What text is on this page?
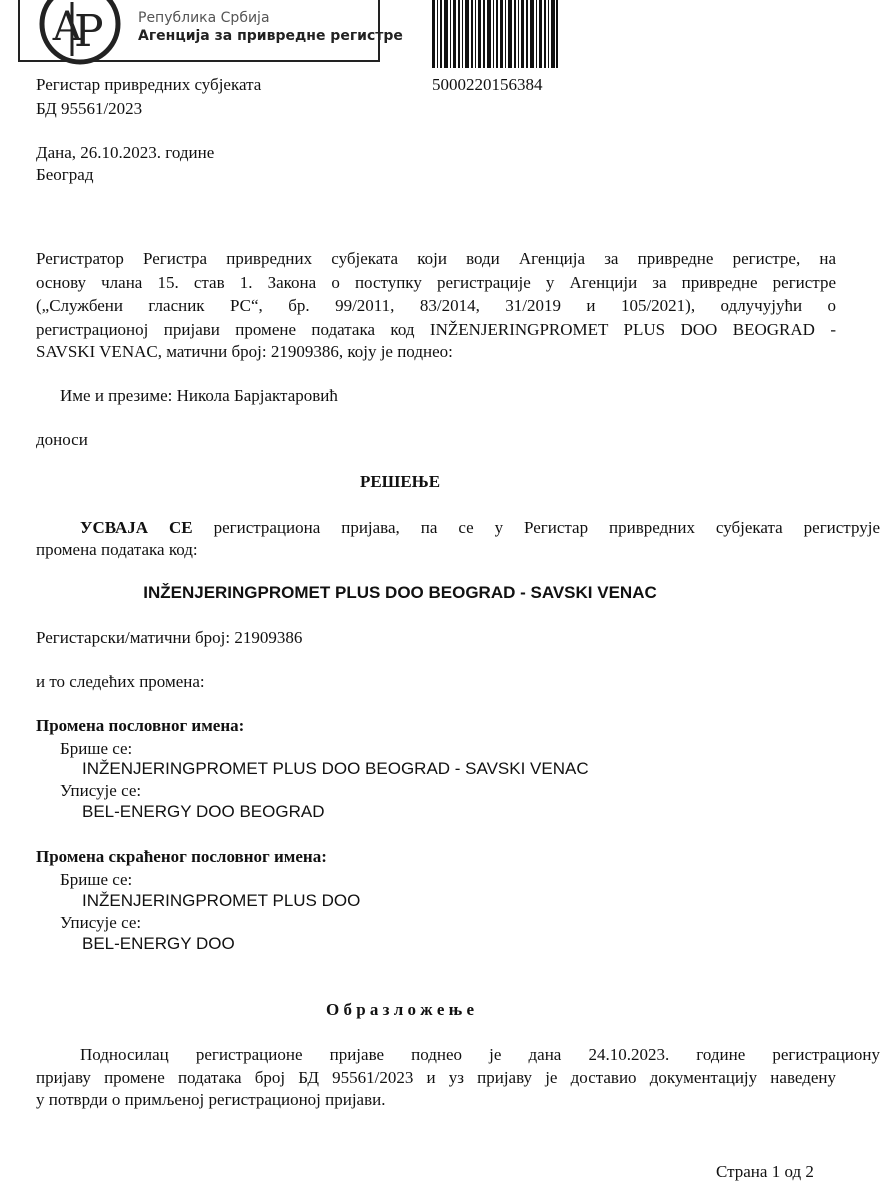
А
Р Република Србија
Агенција за привредне регистре
Регистар привредних субјеката	5000220156384
БД 95561/2023
Дана, 26.10.2023. године
Београд
Регистратор Регистра привредних субјеката који води Агенција за привредне регистре, на
основу члана 15. став 1. Закона о поступку регистрације у Агенцији за привредне регистре
(„Службени гласник РС“, бр. 99/2011, 83/2014, 31/2019 и 105/2021), одлучујући о
регистрационој пријави промене података код INŽENJERINGPROMET PLUS DOO BEOGRAD -
SAVSKI VENAC, матични број: 21909386, коју је поднео:
Име и презиме: Никола Барјактаровић
доноси
РЕШЕЊЕ
УСВАЈА СЕ регистрациона пријава, па се у Регистар привредних субјеката региструје
промена података код:
INŽENJERINGPROMET PLUS DOO BEOGRAD - SAVSKI VENAC
Регистарски/матични број: 21909386
и то следећих промена:
Промена пословног имена:
Брише се:
INŽENJERINGPROMET PLUS DOO BEOGRAD - SAVSKI VENAC
Уписује се:
BEL-ENERGY DOO BEOGRAD
Промена скраћеног пословног имена:
Брише се:
INŽENJERINGPROMET PLUS DOO
Уписује се:
BEL-ENERGY DOO
О б р а з л о ж е њ е
Подносилац регистрационе пријаве поднео је дана 24.10.2023. године регистрациону
пријаву промене података број БД 95561/2023 и уз пријаву је доставио документацију наведену
у потврди о примљеној регистрационој пријави.
Страна 1 од 2
